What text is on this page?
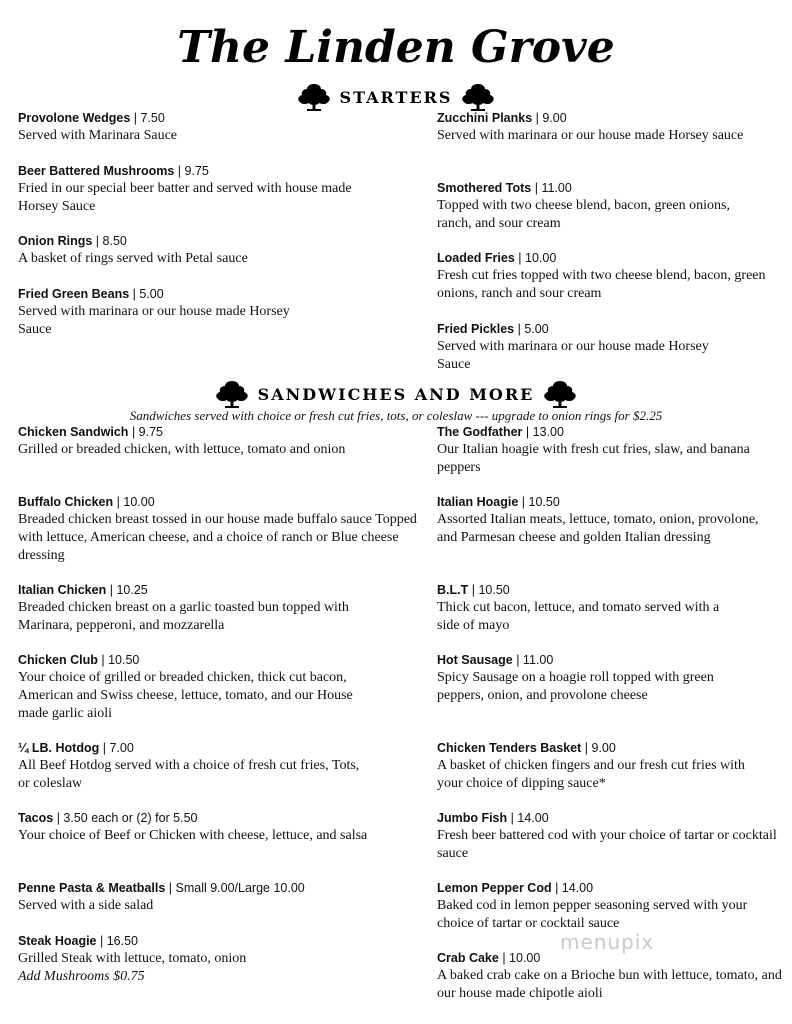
The Linden Grove
STARTERS
Provolone Wedges | 7.50
Served with Marinara Sauce
Beer Battered Mushrooms | 9.75
Fried in our special beer batter and served with house made Horsey Sauce
Onion Rings | 8.50
A basket of rings served with Petal sauce
Fried Green Beans | 5.00
Served with marinara or our house made Horsey Sauce
Zucchini Planks | 9.00
Served with marinara or our house made Horsey sauce
Smothered Tots | 11.00
Topped with two cheese blend, bacon, green onions, ranch, and sour cream
Loaded Fries | 10.00
Fresh cut fries topped with two cheese blend, bacon, green onions, ranch and sour cream
Fried Pickles | 5.00
Served with marinara or our house made Horsey Sauce
SANDWICHES AND MORE
Sandwiches served with choice or fresh cut fries, tots, or coleslaw --- upgrade to onion rings for $2.25
Chicken Sandwich | 9.75
Grilled or breaded chicken, with lettuce, tomato and onion
Buffalo Chicken | 10.00
Breaded chicken breast tossed in our house made buffalo sauce Topped with lettuce, American cheese, and a choice of ranch or Blue cheese dressing
Italian Chicken | 10.25
Breaded chicken breast on a garlic toasted bun topped with Marinara, pepperoni, and mozzarella
Chicken Club | 10.50
Your choice of grilled or breaded chicken, thick cut bacon, American and Swiss cheese, lettuce, tomato, and our House made garlic aioli
¼ LB. Hotdog | 7.00
All Beef Hotdog served with a choice of fresh cut fries, Tots, or coleslaw
Tacos | 3.50 each or (2) for 5.50
Your choice of Beef or Chicken with cheese, lettuce, and salsa
Penne Pasta & Meatballs | Small 9.00/Large 10.00
Served with a side salad
Steak Hoagie | 16.50
Grilled Steak with lettuce, tomato, onion
Add Mushrooms $0.75
The Godfather | 13.00
Our Italian hoagie with fresh cut fries, slaw, and banana peppers
Italian Hoagie | 10.50
Assorted Italian meats, lettuce, tomato, onion, provolone, and Parmesan cheese and golden Italian dressing
B.L.T | 10.50
Thick cut bacon, lettuce, and tomato served with a side of mayo
Hot Sausage | 11.00
Spicy Sausage on a hoagie roll topped with green peppers, onion, and provolone cheese
Chicken Tenders Basket | 9.00
A basket of chicken fingers and our fresh cut fries with your choice of dipping sauce*
Jumbo Fish | 14.00
Fresh beer battered cod with your choice of tartar or cocktail sauce
Lemon Pepper Cod | 14.00
Baked cod in lemon pepper seasoning served with your choice of tartar or cocktail sauce
Crab Cake | 10.00
A baked crab cake on a Brioche bun with lettuce, tomato, and our house made chipotle aioli
menupix
